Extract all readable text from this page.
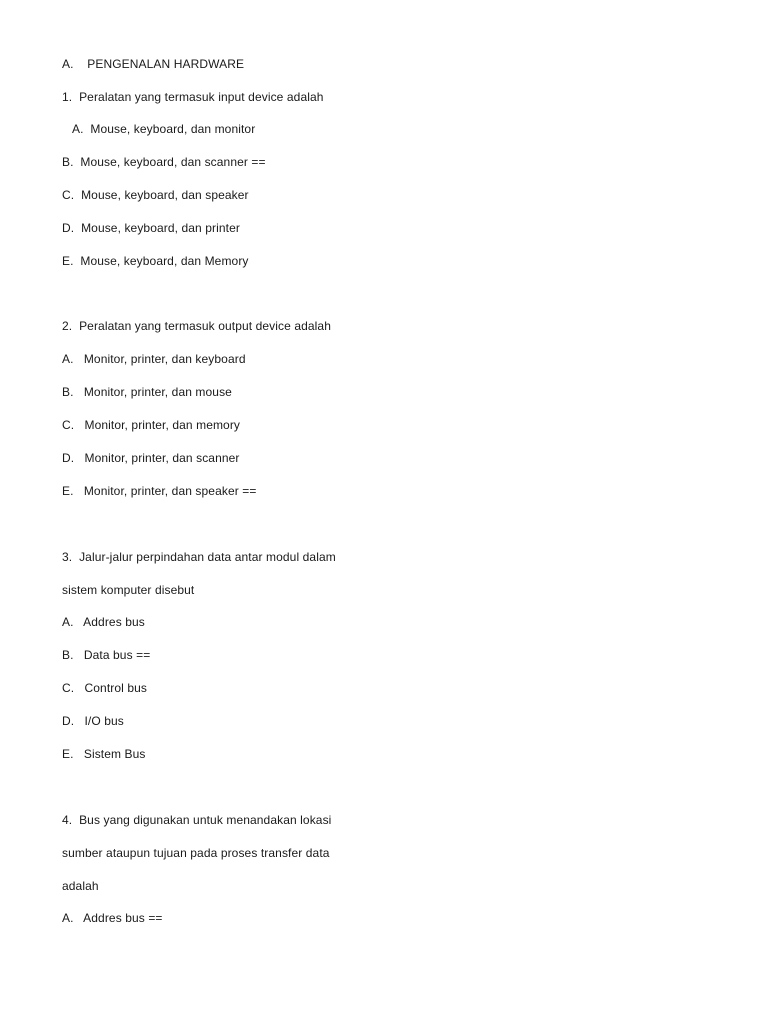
A.    PENGENALAN HARDWARE
1.  Peralatan yang termasuk input device adalah
A.  Mouse, keyboard, dan monitor
B.  Mouse, keyboard, dan scanner ==
C.  Mouse, keyboard, dan speaker
D.  Mouse, keyboard, dan printer
E.  Mouse, keyboard, dan Memory
2.  Peralatan yang termasuk output device adalah
A.   Monitor, printer, dan keyboard
B.   Monitor, printer, dan mouse
C.   Monitor, printer, dan memory
D.   Monitor, printer, dan scanner
E.   Monitor, printer, dan speaker ==
3.  Jalur-jalur perpindahan data antar modul dalam
sistem komputer disebut
A.   Addres bus
B.   Data bus ==
C.   Control bus
D.   I/O bus
E.   Sistem Bus
4.  Bus yang digunakan untuk menandakan lokasi
sumber ataupun tujuan pada proses transfer data
adalah
A.   Addres bus ==
